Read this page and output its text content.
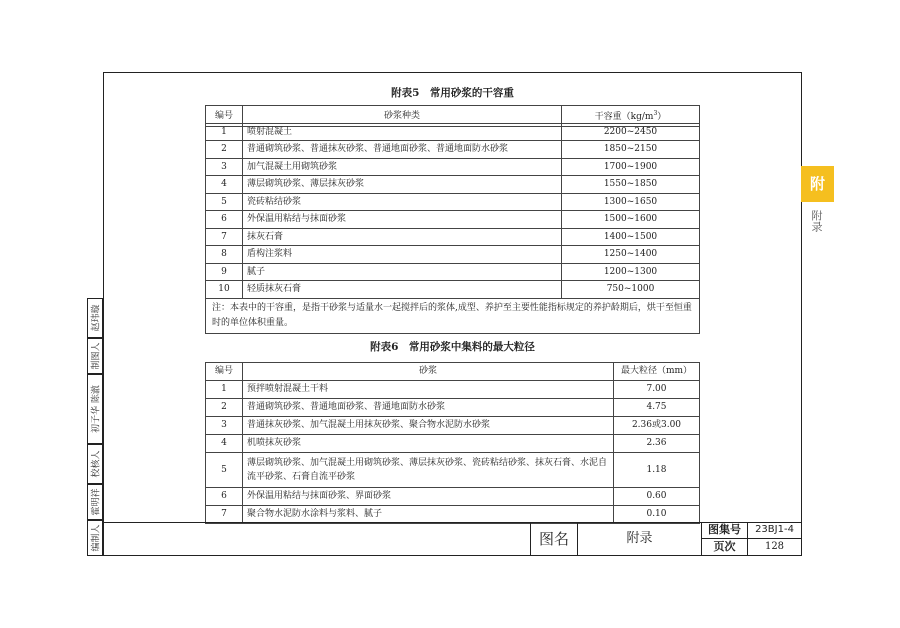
附表5　常用砂浆的干容重
编号	砂浆种类	干容重$(kg/m^3)$
1	喷射混凝土	2200~2450
2	普通砌筑砂浆、普通抹灰砂浆、普通地面砂浆、普通地面防水砂浆	1850~2150
3	加气混凝土用砌筑砂浆	1700~1900
4	薄层砌筑砂浆、薄层抹灰砂浆	1550~1850
5	瓷砖粘结砂浆	1300~1650
6	外保温用粘结与抹面砂浆	1500~1600
7	抹灰石膏	1400~1500
8	盾构注浆料	1250~1400
9	腻子	1200~1300
10	轻质抹灰石膏	750~1000
注：本表中的干容重，是指干砂浆与适量水一起搅拌后的浆体,成型、养护至主要性能指标规定的养护龄期后，烘干至恒重时的单位体积重量。		
附表6　常用砂浆中集料的最大粒径
编号	砂浆	最大粒径（mm）
1	预拌喷射混凝土干料	7.00
2	普通砌筑砂浆、普通地面砂浆、普通地面防水砂浆	4.75
3	普通抹灰砂浆、加气混凝土用抹灰砂浆、聚合物水泥防水砂浆	2.36或3.00
4	机喷抹灰砂浆	2.36
5	薄层砌筑砂浆、加气混凝土用砌筑砂浆、薄层抹灰砂浆、瓷砖粘结砂浆、抹灰石膏、水泥自流平砂浆、石膏自流平砂浆	1.18
6	外保温用粘结与抹面砂浆、界面砂浆	0.60
7	聚合物水泥防水涂料与浆料、腻子	0.10
图名	附录
图集号	23BJ1-4
页次	128
赵玮璇
制图人
初子华 陈澈
校核人
霍明祥
编制人
附
附录
